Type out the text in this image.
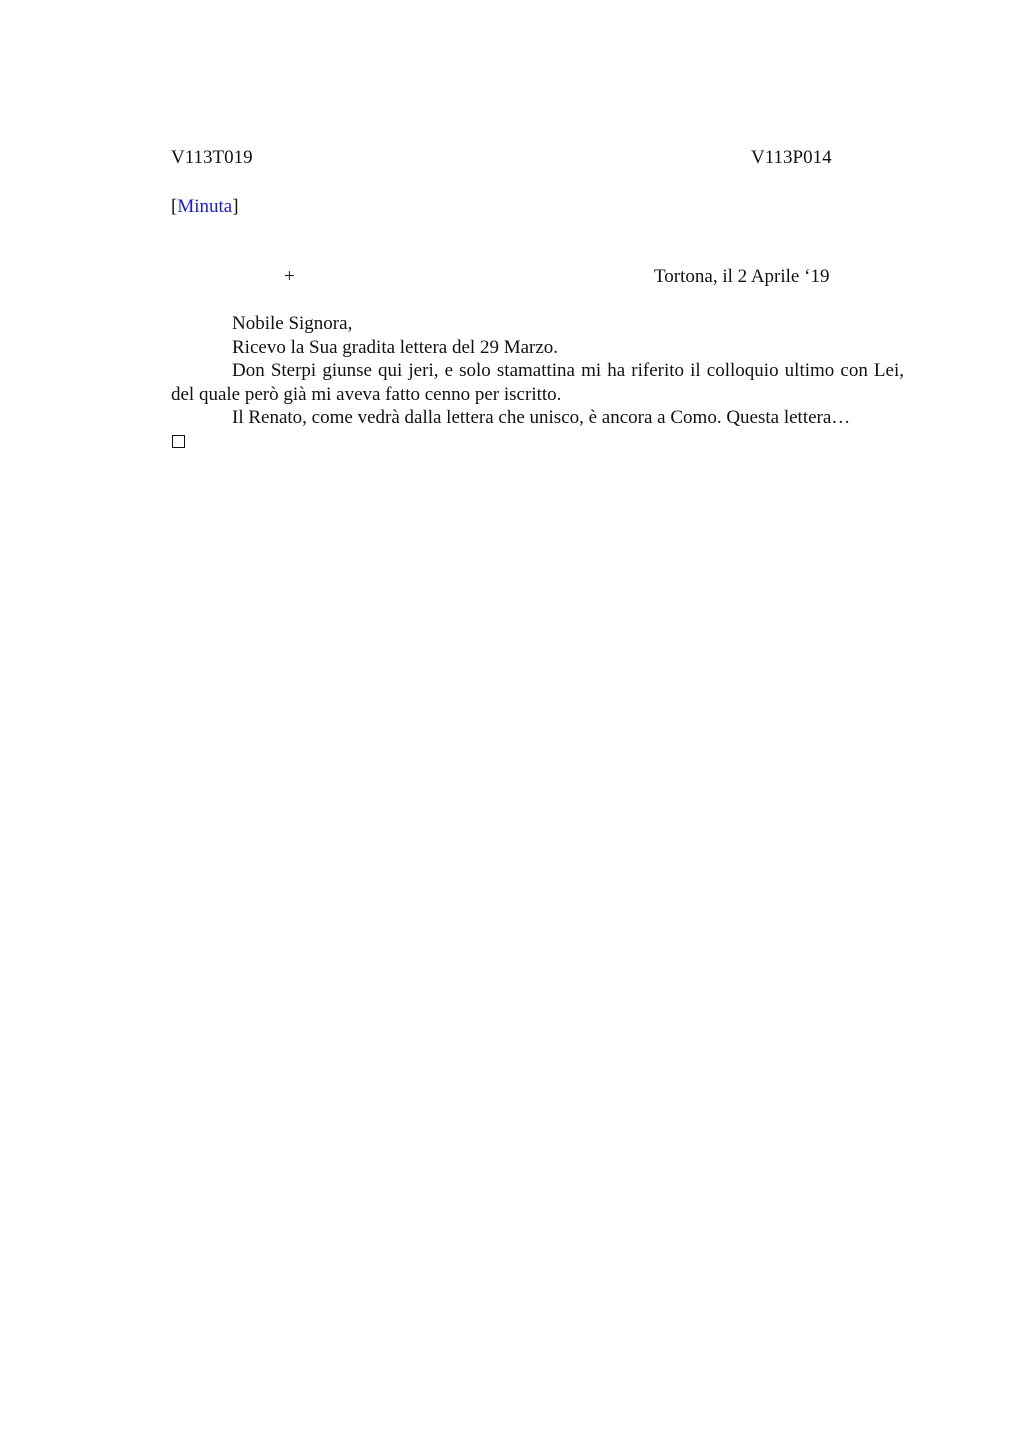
V113T019	V113P014
[Minuta]
+	Tortona, il 2 Aprile ‘19

Nobile Signora,

Ricevo la Sua gradita lettera del 29 Marzo.

Don Sterpi giunse qui jeri, e solo stamattina mi ha riferito il colloquio ultimo con Lei, del quale però già mi aveva fatto cenno per iscritto.

Il Renato, come vedrà dalla lettera che unisco, è ancora a Como. Questa lettera…
